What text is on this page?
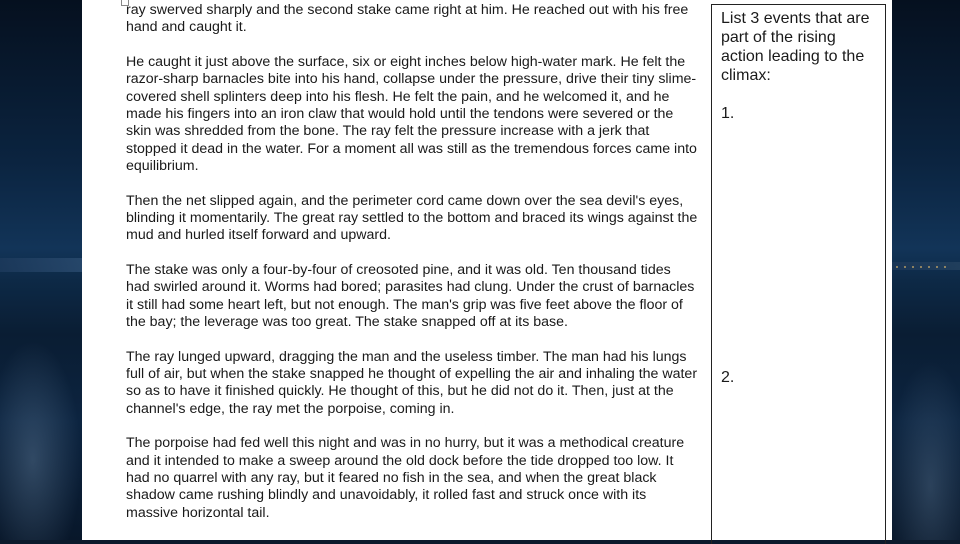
ray swerved sharply and the second stake came right at him. He reached out with his free hand and caught it.

He caught it just above the surface, six or eight inches below high-water mark. He felt the razor-sharp barnacles bite into his hand, collapse under the pressure, drive their tiny slime-covered shell splinters deep into his flesh. He felt the pain, and he welcomed it, and he made his fingers into an iron claw that would hold until the tendons were severed or the skin was shredded from the bone. The ray felt the pressure increase with a jerk that stopped it dead in the water. For a moment all was still as the tremendous forces came into equilibrium.

Then the net slipped again, and the perimeter cord came down over the sea devil's eyes, blinding it momentarily. The great ray settled to the bottom and braced its wings against the mud and hurled itself forward and upward.

The stake was only a four-by-four of creosoted pine, and it was old. Ten thousand tides had swirled around it. Worms had bored; parasites had clung. Under the crust of barnacles it still had some heart left, but not enough. The man's grip was five feet above the floor of the bay; the leverage was too great. The stake snapped off at its base.

The ray lunged upward, dragging the man and the useless timber. The man had his lungs full of air, but when the stake snapped he thought of expelling the air and inhaling the water so as to have it finished quickly. He thought of this, but he did not do it. Then, just at the channel's edge, the ray met the porpoise, coming in.

The porpoise had fed well this night and was in no hurry, but it was a methodical creature and it intended to make a sweep around the old dock before the tide dropped too low. It had no quarrel with any ray, but it feared no fish in the sea, and when the great black shadow came rushing blindly and unavoidably, it rolled fast and struck once with its massive horizontal tail.

List 3 events that are part of the rising action leading to the climax:

1.
2.
